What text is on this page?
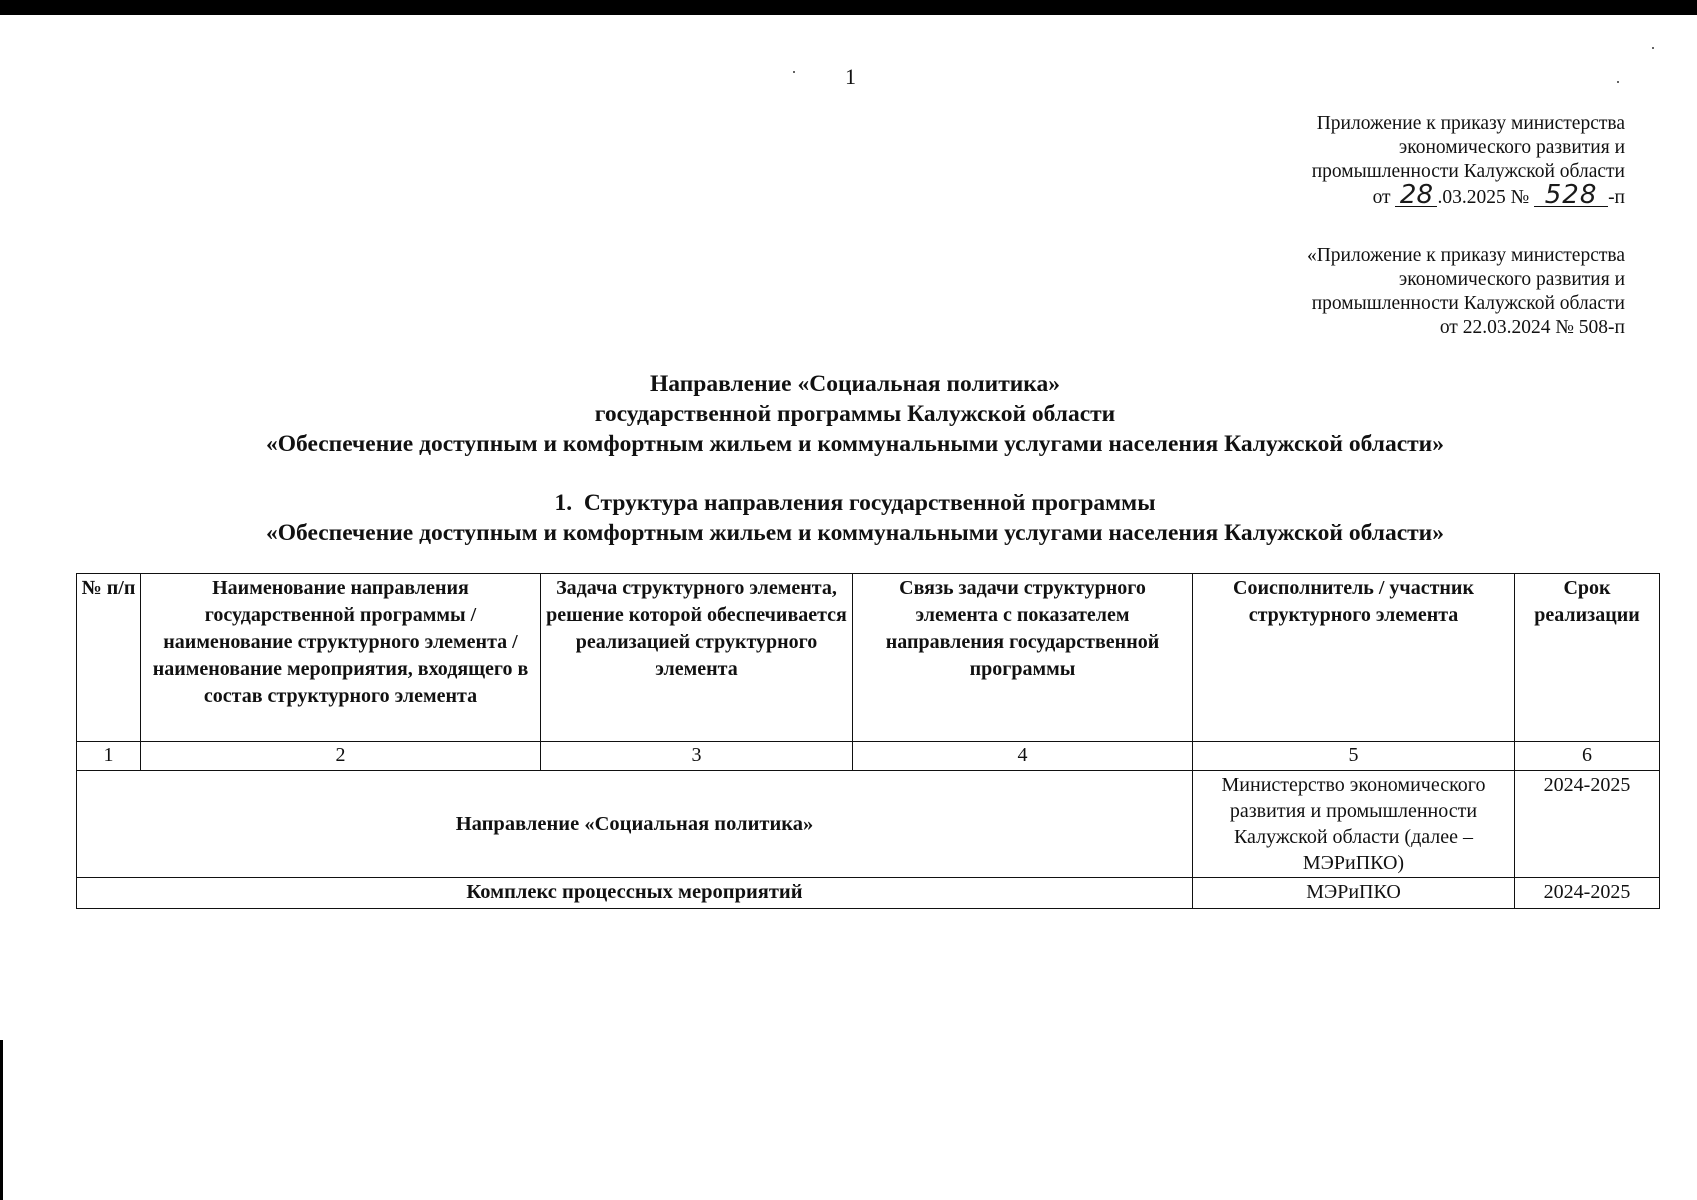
1
Приложение к приказу министерства
экономического развития и
промышленности Калужской области
от 28 .03.2025 № 528 -п
«Приложение к приказу министерства
экономического развития и
промышленности Калужской области
от 22.03.2024 № 508-п
Направление «Социальная политика»
государственной программы Калужской области
«Обеспечение доступным и комфортным жильем и коммунальными услугами населения Калужской области»
1. Структура направления государственной программы
«Обеспечение доступным и комфортным жильем и коммунальными услугами населения Калужской области»
№ п/п	Наименование направления государственной программы / наименование структурного элемента / наименование мероприятия, входящего в состав структурного элемента	Задача структурного элемента, решение которой обеспечивается реализацией структурного элемента	Связь задачи структурного элемента с показателем направления государственной программы	Соисполнитель / участник структурного элемента	Срок реализации
1	2	3	4	5	6
Направление «Социальная политика»				Министерство экономического развития и промышленности Калужской области (далее – МЭРиПКО)	2024-2025
Комплекс процессных мероприятий				МЭРиПКО	2024-2025
